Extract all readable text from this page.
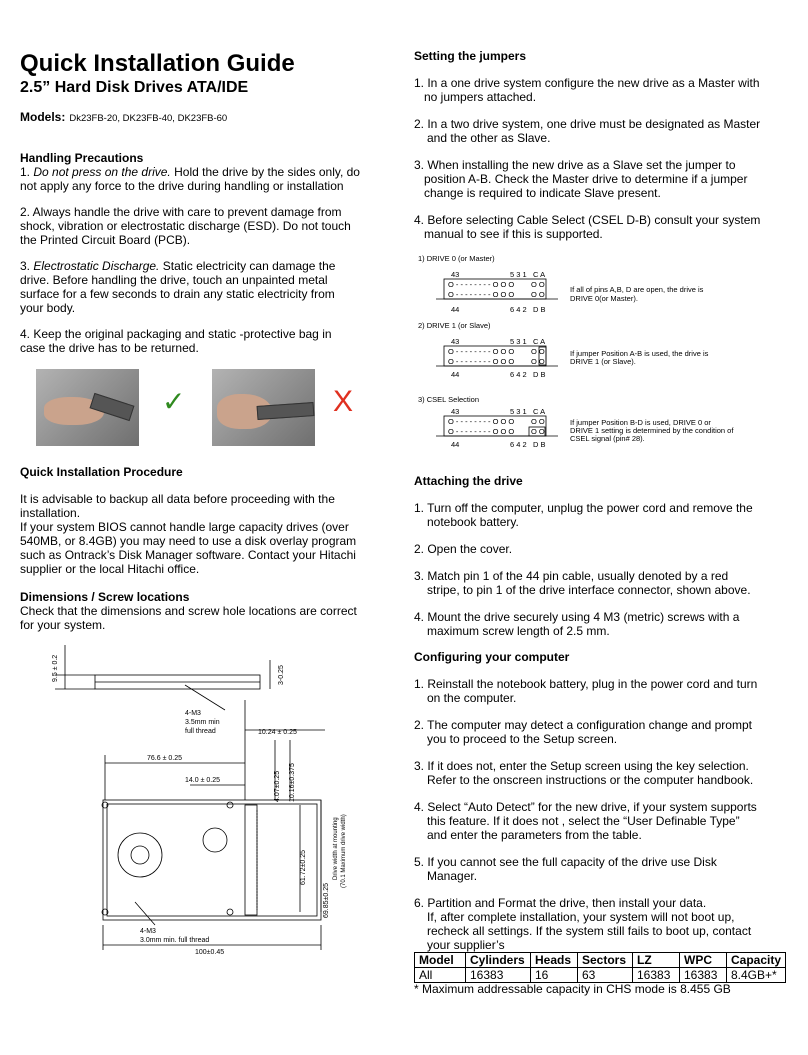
Quick Installation Guide
2.5” Hard Disk Drives ATA/IDE
Models: Dk23FB-20, DK23FB-40, DK23FB-60
Handling Precautions
1. Do not press on the drive. Hold the drive by the sides only, do not apply any force to the drive during handling or installation
2. Always handle the drive with care to prevent damage from shock, vibration or electrostatic discharge (ESD). Do not touch the Printed Circuit Board (PCB).
3. Electrostatic Discharge. Static electricity can damage the drive. Before handling the drive, touch an unpainted metal surface for a few seconds to drain any static electricity from your body.
4. Keep the original packaging and static -protective bag in case the drive has to be returned.
✓	X
Quick Installation Procedure
It is advisable to backup all data before proceeding with the installation.
If your system BIOS cannot handle large capacity drives (over 540MB, or 8.4GB) you may need to use a disk overlay program such as Ontrack’s Disk Manager software. Contact your Hitachi supplier or the local Hitachi office.
Dimensions / Screw locations
Check that the dimensions and screw hole locations are correct for your system.
9.5 ± 0.2	3-0.25
4-M3
3.5mm min
full thread	10.24 ± 0.25
76.6 ± 0.25
14.0 ± 0.25	4.07±0.25 10.16±0.375
61.72±0.25
69.85±0.25
Drive width at mounting (70.1 Maximum drive width)
4-M3
3.0mm min. full thread
100±0.45
Setting the jumpers
1. In a one drive system configure the new drive as a Master with
no jumpers attached.
2. In a two drive system, one drive must be designated as Master
and the other as Slave.
3. When installing the new drive as a Slave set the jumper to
position A-B. Check the Master drive to determine if a jumper
change is required to indicate Slave present.
4. Before selecting Cable Select (CSEL D-B) consult your system
manual to see if this is supported.
1) DRIVE 0 (or Master)
43	5 3 1 C A
O - - - - - - - - O O O O O
O - - - - - - - - O O O O O
44	6 4 2 D B
If all of pins A,B, D are open, the drive is
DRIVE 0(or Master).
2) DRIVE 1 (or Slave)
43	5 3 1 C A
O - - - - - - - - O O O O O
O - - - - - - - - O O O O O
44	6 4 2 D B
If jumper Position A-B is used, the drive is
DRIVE 1 (or Slave).
3) CSEL Selection
43	5 3 1 C A
O - - - - - - - - O O O O O
O - - - - - - - - O O O O O
44	6 4 2 D B
If jumper Position B-D is used, DRIVE 0 or
DRIVE 1 setting is determined by the condition of
CSEL signal (pin# 28).
Attaching the drive
1. Turn off the computer, unplug the power cord and remove the
notebook battery.
2. Open the cover.
3. Match pin 1 of the 44 pin cable, usually denoted by a red
stripe, to pin 1 of the drive interface connector, shown above.
4. Mount the drive securely using 4 M3 (metric) screws with a
maximum screw length of 2.5 mm.
Configuring your computer
1. Reinstall the notebook battery, plug in the power cord and turn
on the computer.
2. The computer may detect a configuration change and prompt
you to proceed to the Setup screen.
3. If it does not, enter the Setup screen using the key selection.
Refer to the onscreen instructions or the computer handbook.
4. Select “Auto Detect” for the new drive, if your system supports
this feature. If it does not , select the “User Definable Type”
and enter the parameters from the table.
5. If you cannot see the full capacity of the drive use Disk
Manager.
6. Partition and Format the drive, then install your data.
If, after complete installation, your system will not boot up,
recheck all settings. If the system still fails to boot up, contact
your supplier’s
Model	Cylinders	Heads	Sectors	LZ	WPC	Capacity
All	16383	16	63	16383	16383	8.4GB+*
* Maximum addressable capacity in CHS mode is 8.455 GB
